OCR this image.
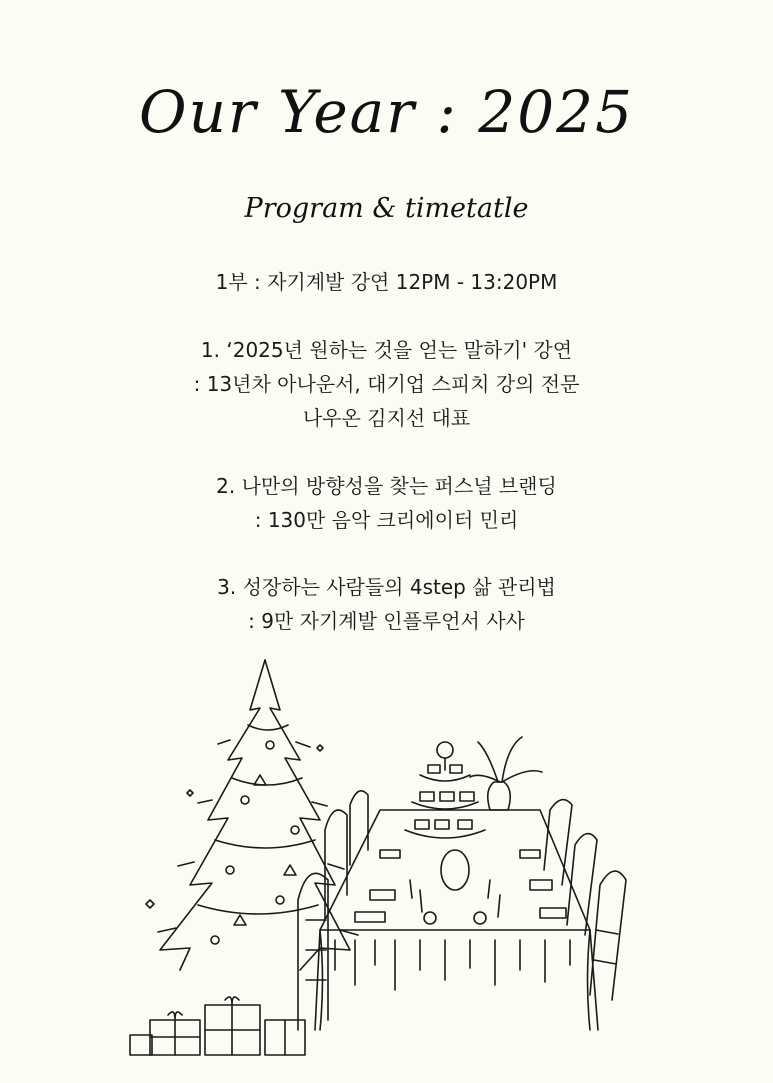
Our Year : 2025
Program & timetatle
1부 : 자기계발 강연 12PM - 13:20PM
1. ‘2025년 원하는 것을 얻는 말하기' 강연
: 13년차 아나운서, 대기업 스피치 강의 전문
나우온 김지선 대표
2. 나만의 방향성을 찾는 퍼스널 브랜딩
: 130만 음악 크리에이터 민리
3. 성장하는 사람들의 4step 삶 관리법
: 9만 자기계발 인플루언서 사사
